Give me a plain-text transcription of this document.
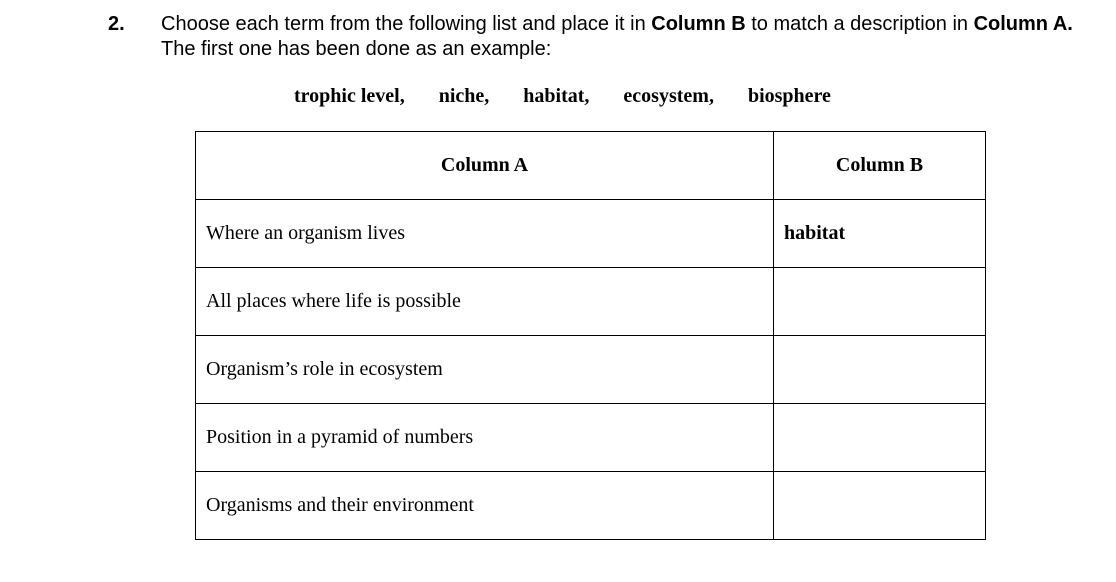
2. Choose each term from the following list and place it in Column B to match a description in Column A.
The first one has been done as an example:
trophic level, niche, habitat, ecosystem, biosphere
Column A	Column B
Where an organism lives	habitat
All places where life is possible	
Organism’s role in ecosystem	
Position in a pyramid of numbers	
Organisms and their environment	
